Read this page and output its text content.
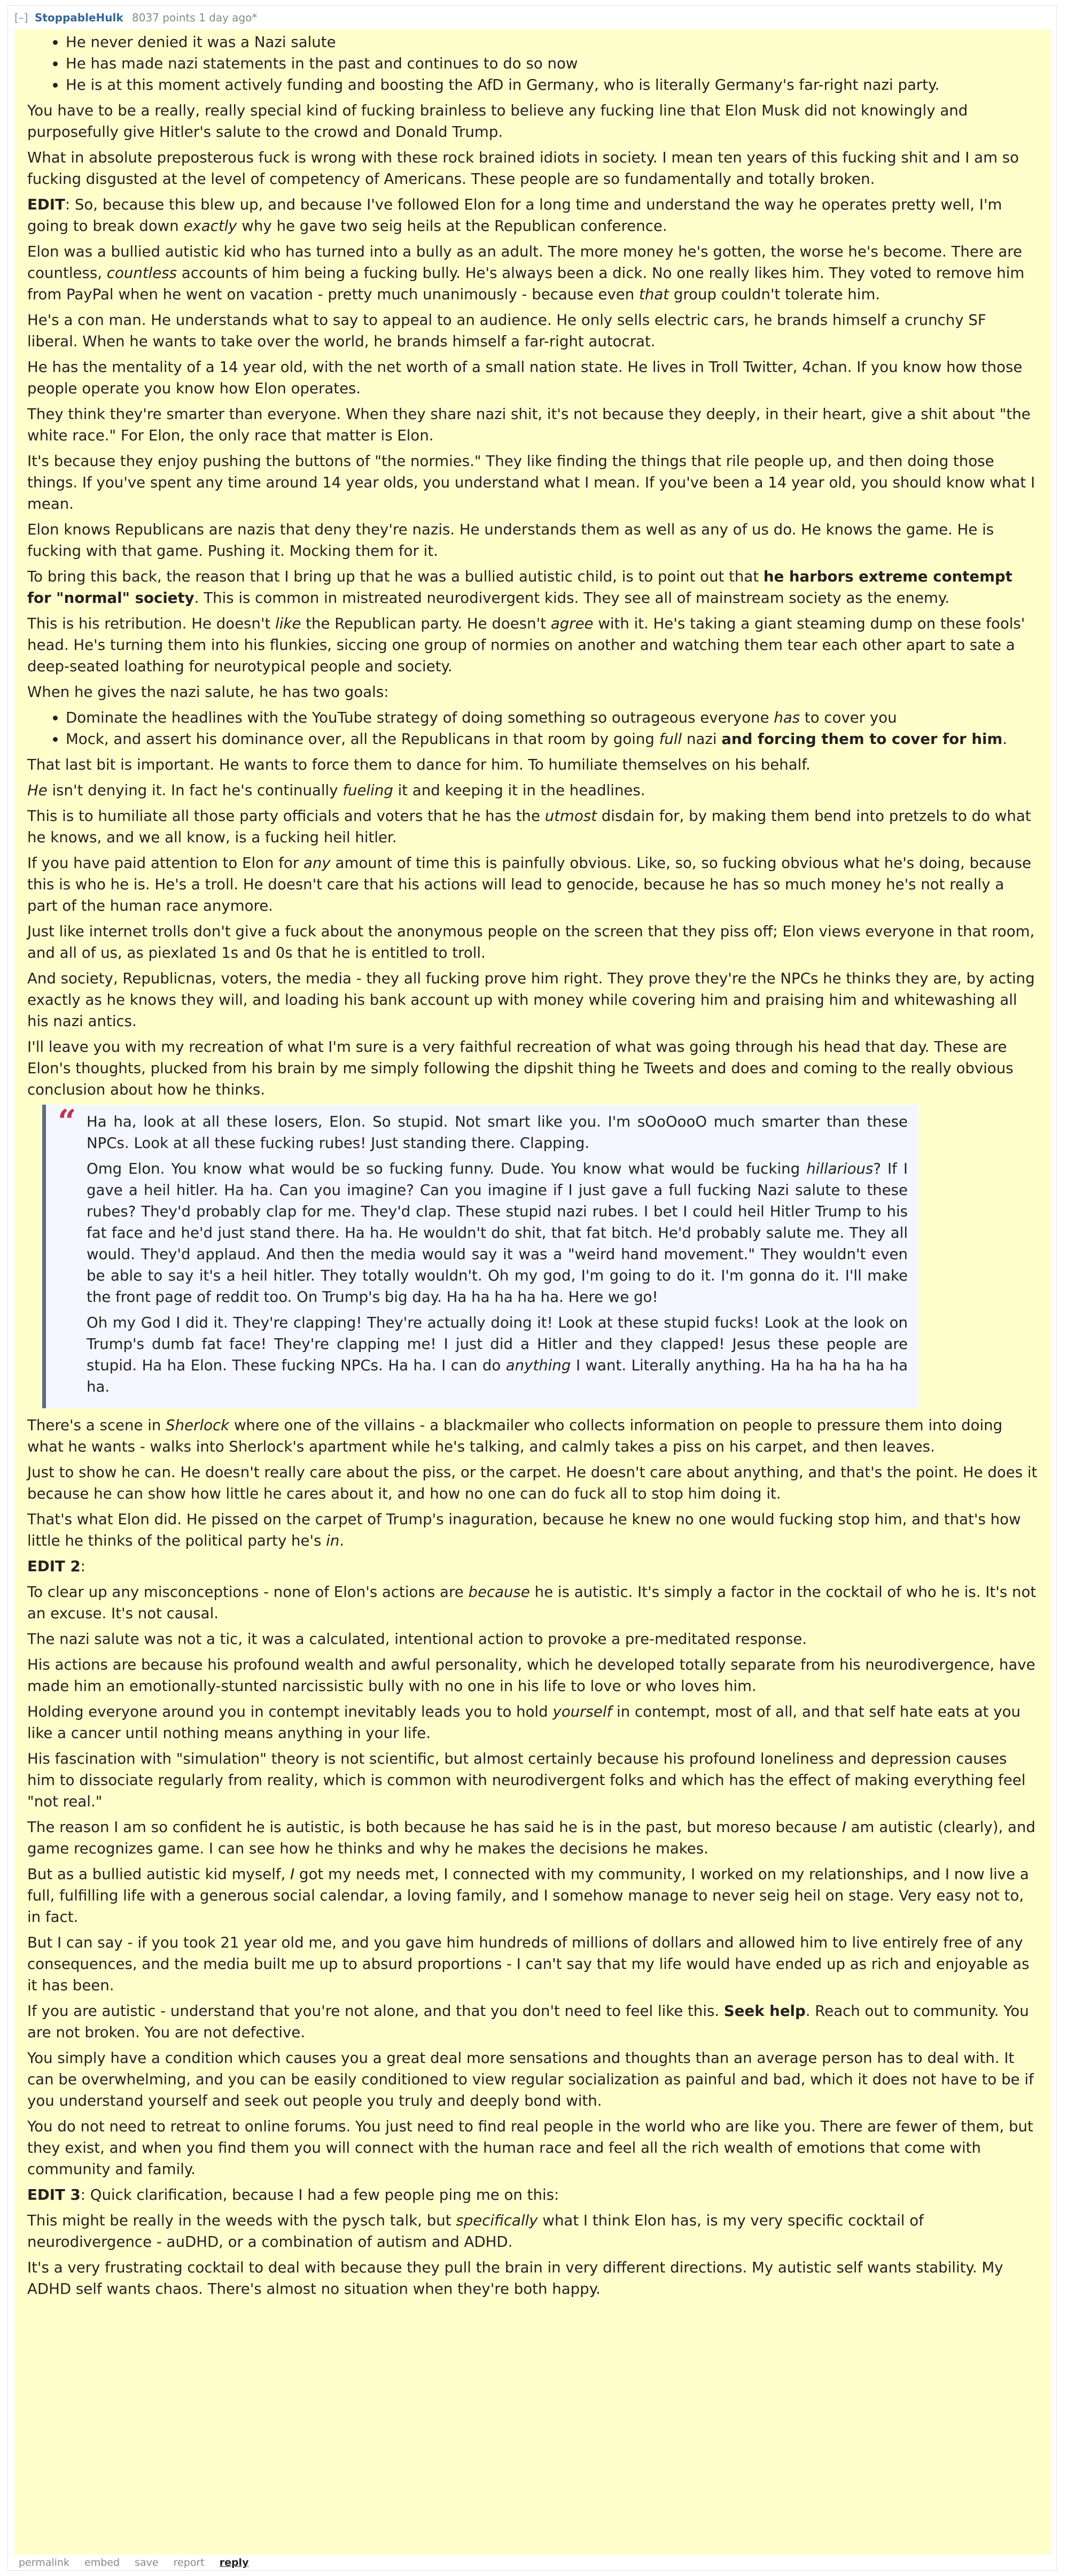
[–] StoppableHulk 8037 points 1 day ago*
• He never denied it was a Nazi salute
• He has made nazi statements in the past and continues to do so now
• He is at this moment actively funding and boosting the AfD in Germany, who is literally Germany's far-right nazi party.

You have to be a really, really special kind of fucking brainless to believe any fucking line that Elon Musk did not knowingly and purposefully give Hitler's salute to the crowd and Donald Trump.

What in absolute preposterous fuck is wrong with these rock brained idiots in society. I mean ten years of this fucking shit and I am so fucking disgusted at the level of competency of Americans. These people are so fundamentally and totally broken.

EDIT: So, because this blew up, and because I've followed Elon for a long time and understand the way he operates pretty well, I'm going to break down exactly why he gave two seig heils at the Republican conference.

Elon was a bullied autistic kid who has turned into a bully as an adult. The more money he's gotten, the worse he's become. There are countless, countless accounts of him being a fucking bully. He's always been a dick. No one really likes him. They voted to remove him from PayPal when he went on vacation - pretty much unanimously - because even that group couldn't tolerate him.

He's a con man. He understands what to say to appeal to an audience. He only sells electric cars, he brands himself a crunchy SF liberal. When he wants to take over the world, he brands himself a far-right autocrat.

He has the mentality of a 14 year old, with the net worth of a small nation state. He lives in Troll Twitter, 4chan. If you know how those people operate you know how Elon operates.

They think they're smarter than everyone. When they share nazi shit, it's not because they deeply, in their heart, give a shit about "the white race." For Elon, the only race that matter is Elon.

It's because they enjoy pushing the buttons of "the normies." They like finding the things that rile people up, and then doing those things. If you've spent any time around 14 year olds, you understand what I mean. If you've been a 14 year old, you should know what I mean.

Elon knows Republicans are nazis that deny they're nazis. He understands them as well as any of us do. He knows the game. He is fucking with that game. Pushing it. Mocking them for it.

To bring this back, the reason that I bring up that he was a bullied autistic child, is to point out that he harbors extreme contempt for "normal" society. This is common in mistreated neurodivergent kids. They see all of mainstream society as the enemy.

This is his retribution. He doesn't like the Republican party. He doesn't agree with it. He's taking a giant steaming dump on these fools' head. He's turning them into his flunkies, siccing one group of normies on another and watching them tear each other apart to sate a deep-seated loathing for neurotypical people and society.

When he gives the nazi salute, he has two goals:

• Dominate the headlines with the YouTube strategy of doing something so outrageous everyone has to cover you
• Mock, and assert his dominance over, all the Republicans in that room by going full nazi and forcing them to cover for him.

That last bit is important. He wants to force them to dance for him. To humiliate themselves on his behalf.

He isn't denying it. In fact he's continually fueling it and keeping it in the headlines.

This is to humiliate all those party officials and voters that he has the utmost disdain for, by making them bend into pretzels to do what he knows, and we all know, is a fucking heil hitler.

If you have paid attention to Elon for any amount of time this is painfully obvious. Like, so, so fucking obvious what he's doing, because this is who he is. He's a troll. He doesn't care that his actions will lead to genocide, because he has so much money he's not really a part of the human race anymore.

Just like internet trolls don't give a fuck about the anonymous people on the screen that they piss off; Elon views everyone in that room, and all of us, as piexlated 1s and 0s that he is entitled to troll.

And society, Republicnas, voters, the media - they all fucking prove him right. They prove they're the NPCs he thinks they are, by acting exactly as he knows they will, and loading his bank account up with money while covering him and praising him and whitewashing all his nazi antics.

I'll leave you with my recreation of what I'm sure is a very faithful recreation of what was going through his head that day. These are Elon's thoughts, plucked from his brain by me simply following the dipshit thing he Tweets and does and coming to the really obvious conclusion about how he thinks.

“ Ha ha, look at all these losers, Elon. So stupid. Not smart like you. I'm sOoOooO much smarter than these NPCs. Look at all these fucking rubes! Just standing there. Clapping.

Omg Elon. You know what would be so fucking funny. Dude. You know what would be fucking hillarious? If I gave a heil hitler. Ha ha. Can you imagine? Can you imagine if I just gave a full fucking Nazi salute to these rubes? They'd probably clap for me. They'd clap. These stupid nazi rubes. I bet I could heil Hitler Trump to his fat face and he'd just stand there. Ha ha. He wouldn't do shit, that fat bitch. He'd probably salute me. They all would. They'd applaud. And then the media would say it was a "weird hand movement." They wouldn't even be able to say it's a heil hitler. They totally wouldn't. Oh my god, I'm going to do it. I'm gonna do it. I'll make the front page of reddit too. On Trump's big day. Ha ha ha ha ha. Here we go!

Oh my God I did it. They're clapping! They're actually doing it! Look at these stupid fucks! Look at the look on Trump's dumb fat face! They're clapping me! I just did a Hitler and they clapped! Jesus these people are stupid. Ha ha Elon. These fucking NPCs. Ha ha. I can do anything I want. Literally anything. Ha ha ha ha ha ha ha.

There's a scene in Sherlock where one of the villains - a blackmailer who collects information on people to pressure them into doing what he wants - walks into Sherlock's apartment while he's talking, and calmly takes a piss on his carpet, and then leaves.

Just to show he can. He doesn't really care about the piss, or the carpet. He doesn't care about anything, and that's the point. He does it because he can show how little he cares about it, and how no one can do fuck all to stop him doing it.

That's what Elon did. He pissed on the carpet of Trump's inaguration, because he knew no one would fucking stop him, and that's how little he thinks of the political party he's in.

EDIT 2:

To clear up any misconceptions - none of Elon's actions are because he is autistic. It's simply a factor in the cocktail of who he is. It's not an excuse. It's not causal.

The nazi salute was not a tic, it was a calculated, intentional action to provoke a pre-meditated response.

His actions are because his profound wealth and awful personality, which he developed totally separate from his neurodivergence, have made him an emotionally-stunted narcissistic bully with no one in his life to love or who loves him.

Holding everyone around you in contempt inevitably leads you to hold yourself in contempt, most of all, and that self hate eats at you like a cancer until nothing means anything in your life.

His fascination with "simulation" theory is not scientific, but almost certainly because his profound loneliness and depression causes him to dissociate regularly from reality, which is common with neurodivergent folks and which has the effect of making everything feel "not real."

The reason I am so confident he is autistic, is both because he has said he is in the past, but moreso because I am autistic (clearly), and game recognizes game. I can see how he thinks and why he makes the decisions he makes.

But as a bullied autistic kid myself, I got my needs met, I connected with my community, I worked on my relationships, and I now live a full, fulfilling life with a generous social calendar, a loving family, and I somehow manage to never seig heil on stage. Very easy not to, in fact.

But I can say - if you took 21 year old me, and you gave him hundreds of millions of dollars and allowed him to live entirely free of any consequences, and the media built me up to absurd proportions - I can't say that my life would have ended up as rich and enjoyable as it has been.

If you are autistic - understand that you're not alone, and that you don't need to feel like this. Seek help. Reach out to community. You are not broken. You are not defective.

You simply have a condition which causes you a great deal more sensations and thoughts than an average person has to deal with. It can be overwhelming, and you can be easily conditioned to view regular socialization as painful and bad, which it does not have to be if you understand yourself and seek out people you truly and deeply bond with.

You do not need to retreat to online forums. You just need to find real people in the world who are like you. There are fewer of them, but they exist, and when you find them you will connect with the human race and feel all the rich wealth of emotions that come with community and family.

EDIT 3: Quick clarification, because I had a few people ping me on this:

This might be really in the weeds with the pysch talk, but specifically what I think Elon has, is my very specific cocktail of neurodivergence - auDHD, or a combination of autism and ADHD.

It's a very frustrating cocktail to deal with because they pull the brain in very different directions. My autistic self wants stability. My ADHD self wants chaos. There's almost no situation when they're both happy.

permalink embed save report reply
